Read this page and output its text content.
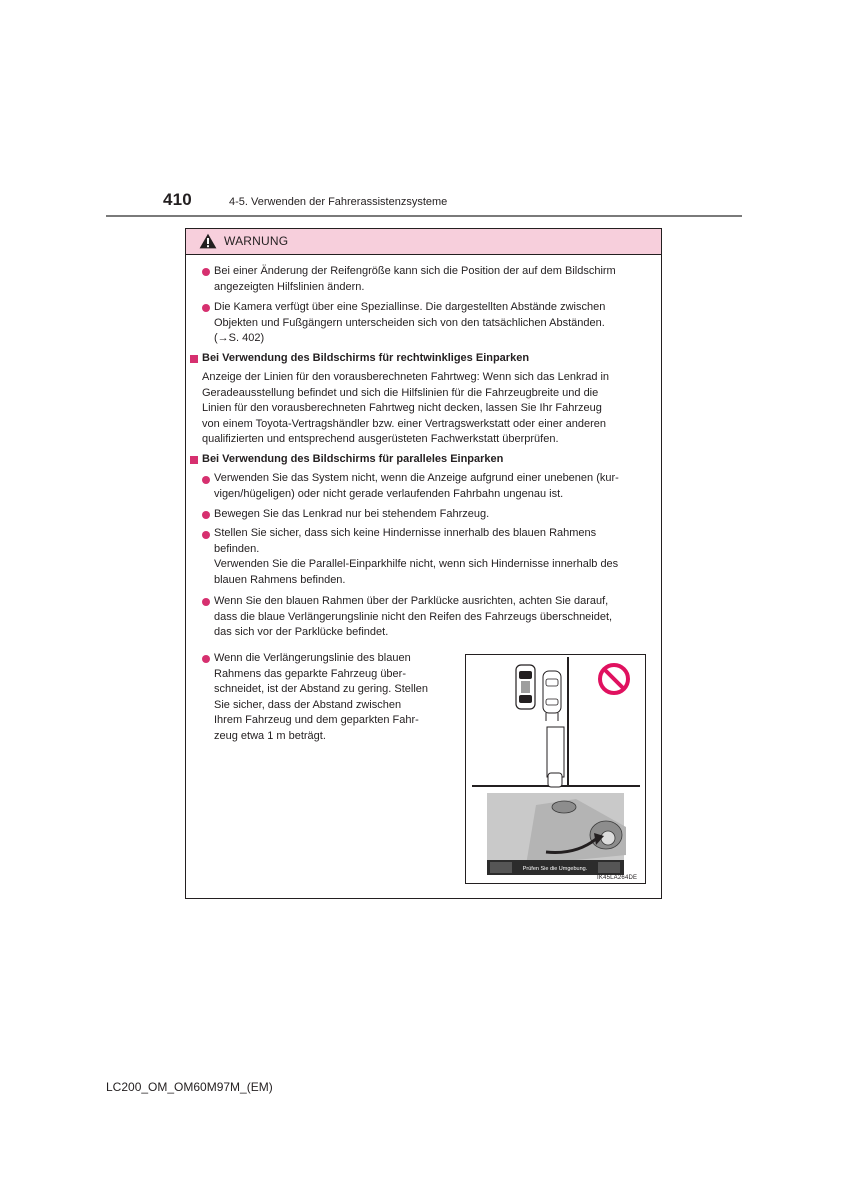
410	4-5. Verwenden der Fahrerassistenzsysteme
WARNUNG
Bei einer Änderung der Reifengröße kann sich die Position der auf dem Bildschirm
angezeigten Hilfslinien ändern.
Die Kamera verfügt über eine Speziallinse. Die dargestellten Abstände zwischen
Objekten und Fußgängern unterscheiden sich von den tatsächlichen Abständen.
(→S. 402)
Bei Verwendung des Bildschirms für rechtwinkliges Einparken
Anzeige der Linien für den vorausberechneten Fahrtweg: Wenn sich das Lenkrad in
Geradeausstellung befindet und sich die Hilfslinien für die Fahrzeugbreite und die
Linien für den vorausberechneten Fahrtweg nicht decken, lassen Sie Ihr Fahrzeug
von einem Toyota-Vertragshändler bzw. einer Vertragswerkstatt oder einer anderen
qualifizierten und entsprechend ausgerüsteten Fachwerkstatt überprüfen.
Bei Verwendung des Bildschirms für paralleles Einparken
Verwenden Sie das System nicht, wenn die Anzeige aufgrund einer unebenen (kur-
vigen/hügeligen) oder nicht gerade verlaufenden Fahrbahn ungenau ist.
Bewegen Sie das Lenkrad nur bei stehendem Fahrzeug.
Stellen Sie sicher, dass sich keine Hindernisse innerhalb des blauen Rahmens
befinden.
Verwenden Sie die Parallel-Einparkhilfe nicht, wenn sich Hindernisse innerhalb des
blauen Rahmens befinden.
Wenn Sie den blauen Rahmen über der Parklücke ausrichten, achten Sie darauf,
dass die blaue Verlängerungslinie nicht den Reifen des Fahrzeugs überschneidet,
das sich vor der Parklücke befindet.
Wenn die Verlängerungslinie des blauen
Rahmens das geparkte Fahrzeug über-
schneidet, ist der Abstand zu gering. Stellen
Sie sicher, dass der Abstand zwischen
Ihrem Fahrzeug und dem geparkten Fahr-
zeug etwa 1 m beträgt.
Prüfen Sie die Umgebung.
IK45LA264DE
LC200_OM_OM60M97M_(EM)
